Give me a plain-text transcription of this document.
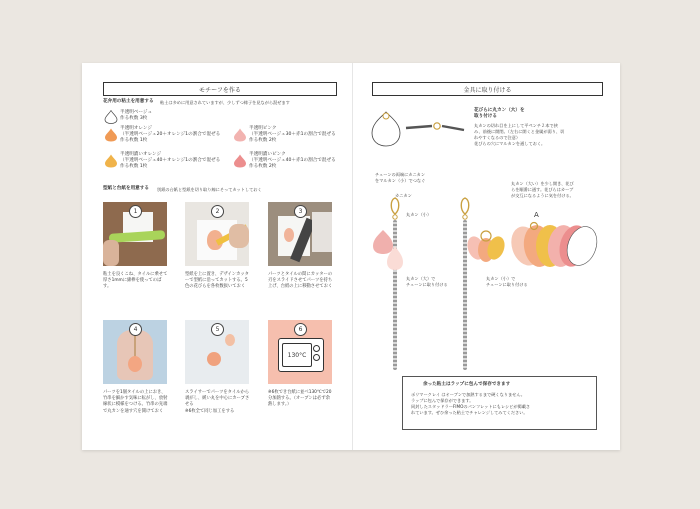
モチーフを作る
花弁用の粘土を用意する 粘土は多めに用意されていますが、少しずつ様子を見ながら混ぜます
半透明ベージュ
作る枚数 3枚
半透明オレンジ
（半透明ベージュ20＋オレンジ1の割合で混ぜる
作る枚数 1枚
半透明濃いオレンジ
（半透明ベージュ40＋オレンジ1の割合で混ぜる
作る枚数 1枚
半透明ピンク
（半透明ベージュ30＋赤1の割合で混ぜる
作る枚数 2枚
半透明濃いピンク
（半透明ベージュ40＋赤1の割合で混ぜる
作る枚数 2枚
型紙と台紙を用意する 別紙の台紙と型紙を切り取り線にそってカットしておく
1	2	3
粘土を良くこね、タイルに乗せて厚さ1mmに綿棒を使ってのばす。
型紙を上に置き、デザインカッターで型紙に沿ってカットする。5色の花びらを各枚数抜いておく
パーツとタイルの間にカッターの刃をスライドさせてパーツを持ち上げ、台紙の上に移動させておく
4	5
130°C
6
パーツを1個タイルの上におき、竹串を細かす気味に転がし、放射線状に模様をつける。竹串の先端で丸カンを通す穴を開けておく
スライサーでパーツをタイルから剥がし、緩い丸を中心にカーブさせる
※6枚全て同じ加工をする
※6枚でき台紙に並べ130℃で20分加熱する。（オーブンは必ず余熱します。）
金具に取り付ける
花びらに丸カン（大）を
取り付ける
丸カンの切れ目を上にして平ペンチ２本で挟
み、前後に開閉。（左右に開くと金属が弱り、切
れやすくなるので注意）
花びらの穴にマルカンを通しておく。
チェーンの両端にカニカン
をマルカン（小）でつなぐ
カニカン
丸カン（小）
丸カン（大）で
チェーンに取り付ける
丸カン（小）で
チェーンに取り付ける
丸カン（大い）を少し開き、花び
らを順番に通す。花びらはカーブ
が交互になるように気を付ける。
A
余った粘土はラップに包んで保存できます
ポリマークレイ はオーブンで加熱するまで硬くなりません。
ラップに包んで保存ができます。
同封したスタッドラーFIMOのパンフレットにもレシピが掲載さ
れています。ぜひ余った粘土でチャレンジしてみてください。
